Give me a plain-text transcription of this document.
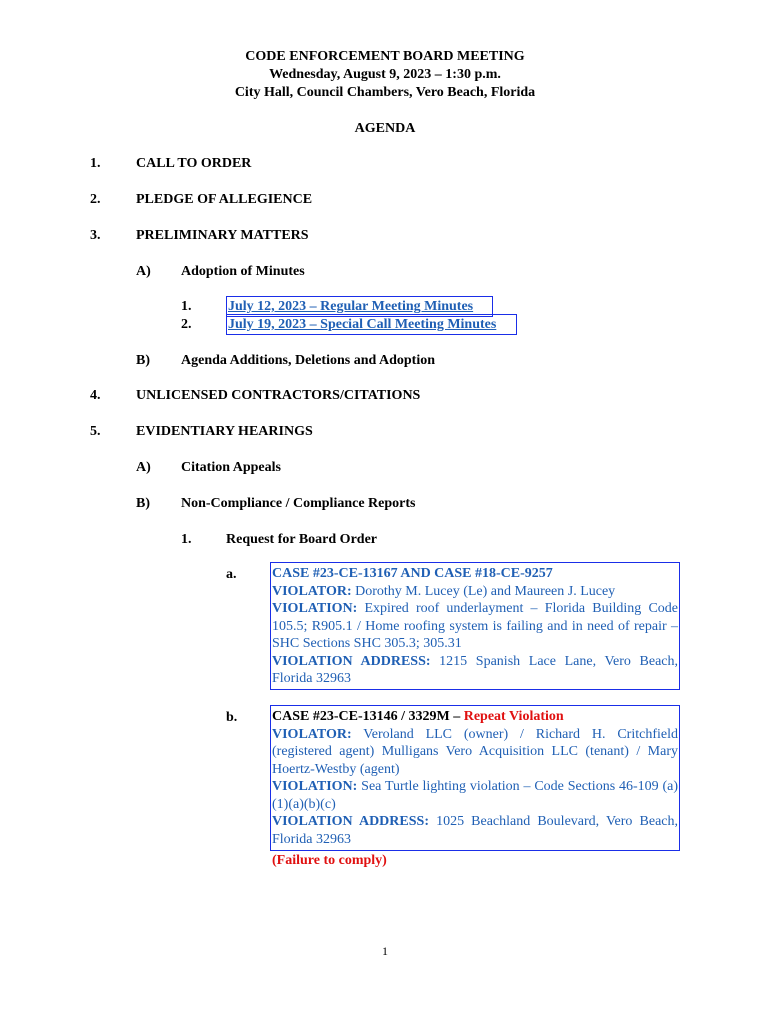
CODE ENFORCEMENT BOARD MEETING
Wednesday, August 9, 2023 – 1:30 p.m.
City Hall, Council Chambers, Vero Beach, Florida
AGENDA
1.	CALL TO ORDER
2.	PLEDGE OF ALLEGIENCE
3.	PRELIMINARY MATTERS
A) Adoption of Minutes
1.	July 12, 2023 – Regular Meeting Minutes
2.	July 19, 2023 – Special Call Meeting Minutes
B) Agenda Additions, Deletions and Adoption
4.	UNLICENSED CONTRACTORS/CITATIONS
5.	EVIDENTIARY HEARINGS
A) Citation Appeals
B) Non-Compliance / Compliance Reports
1. Request for Board Order
a.	CASE #23-CE-13167 AND CASE #18-CE-9257
VIOLATOR: Dorothy M. Lucey (Le) and Maureen J. Lucey
VIOLATION: Expired roof underlayment – Florida Building Code 105.5; R905.1 / Home roofing system is failing and in need of repair – SHC Sections SHC 305.3; 305.31
VIOLATION ADDRESS: 1215 Spanish Lace Lane, Vero Beach, Florida 32963
b. CASE #23-CE-13146 / 3329M – Repeat Violation
VIOLATOR: Veroland LLC (owner) / Richard H. Critchfield (registered agent) Mulligans Vero Acquisition LLC (tenant) / Mary Hoertz-Westby (agent)
VIOLATION: Sea Turtle lighting violation – Code Sections 46-109 (a)(1)(a)(b)(c)
VIOLATION ADDRESS: 1025 Beachland Boulevard, Vero Beach, Florida 32963
(Failure to comply)
1
